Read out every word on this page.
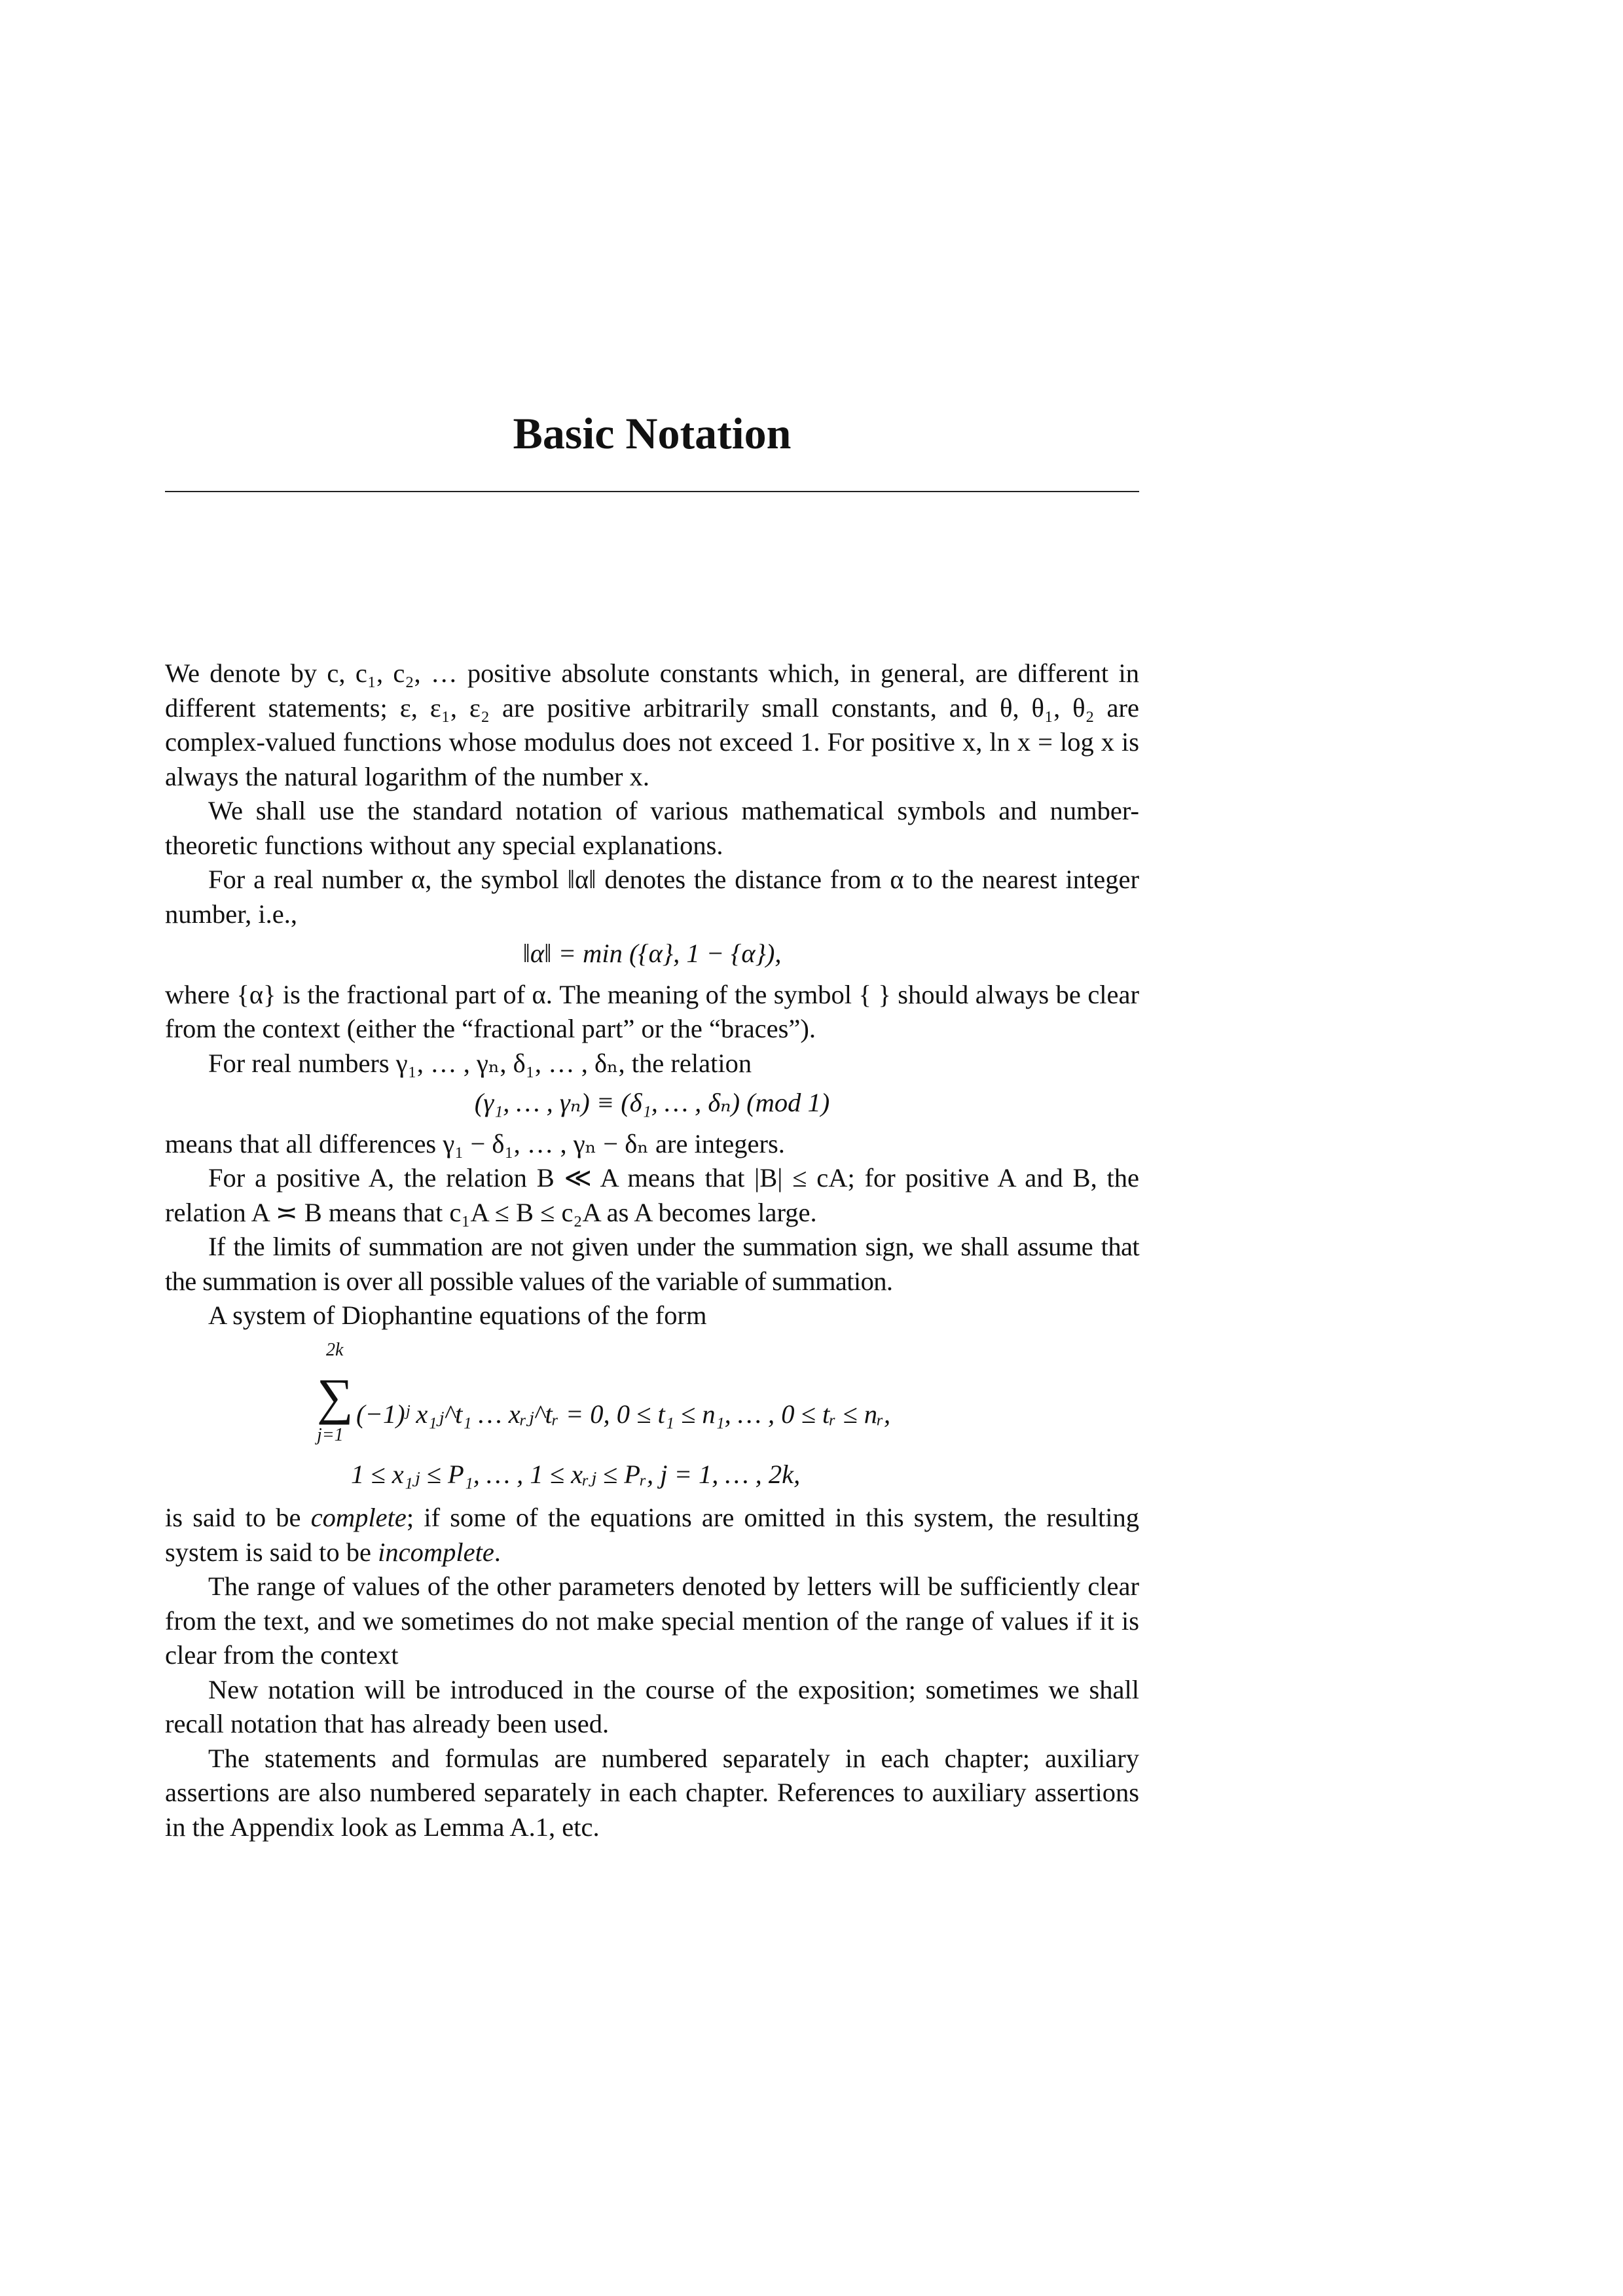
Basic Notation

We denote by c, c₁, c₂, … positive absolute constants which, in general, are different in different statements; ε, ε₁, ε₂ are positive arbitrarily small constants, and θ, θ₁, θ₂ are complex-valued functions whose modulus does not exceed 1. For positive x, ln x = log x is always the natural logarithm of the number x.

We shall use the standard notation of various mathematical symbols and number-theoretic functions without any special explanations.

For a real number α, the symbol ‖α‖ denotes the distance from α to the nearest integer number, i.e.,

‖α‖ = min ({α}, 1 − {α}),

where {α} is the fractional part of α. The meaning of the symbol { } should always be clear from the context (either the “fractional part” or the “braces”).

For real numbers γ₁, … , γₙ, δ₁, … , δₙ, the relation

(γ₁, … , γₙ) ≡ (δ₁, … , δₙ) (mod 1)

means that all differences γ₁ − δ₁, … , γₙ − δₙ are integers.

For a positive A, the relation B ≪ A means that |B| ≤ cA; for positive A and B, the relation A ≍ B means that c₁A ≤ B ≤ c₂A as A becomes large.

If the limits of summation are not given under the summation sign, we shall assume that the summation is over all possible values of the variable of summation.

A system of Diophantine equations of the form

2k
∑
j=1
(−1)ʲ x₁ⱼ^t₁ … xᵣⱼ^tᵣ = 0, 0 ≤ t₁ ≤ n₁, … , 0 ≤ tᵣ ≤ nᵣ,
1 ≤ x₁ⱼ ≤ P₁, … , 1 ≤ xᵣⱼ ≤ Pᵣ, j = 1, … , 2k,

is said to be complete; if some of the equations are omitted in this system, the resulting system is said to be incomplete.

The range of values of the other parameters denoted by letters will be sufficiently clear from the text, and we sometimes do not make special mention of the range of values if it is clear from the context

New notation will be introduced in the course of the exposition; sometimes we shall recall notation that has already been used.

The statements and formulas are numbered separately in each chapter; auxiliary assertions are also numbered separately in each chapter. References to auxiliary assertions in the Appendix look as Lemma A.1, etc.
